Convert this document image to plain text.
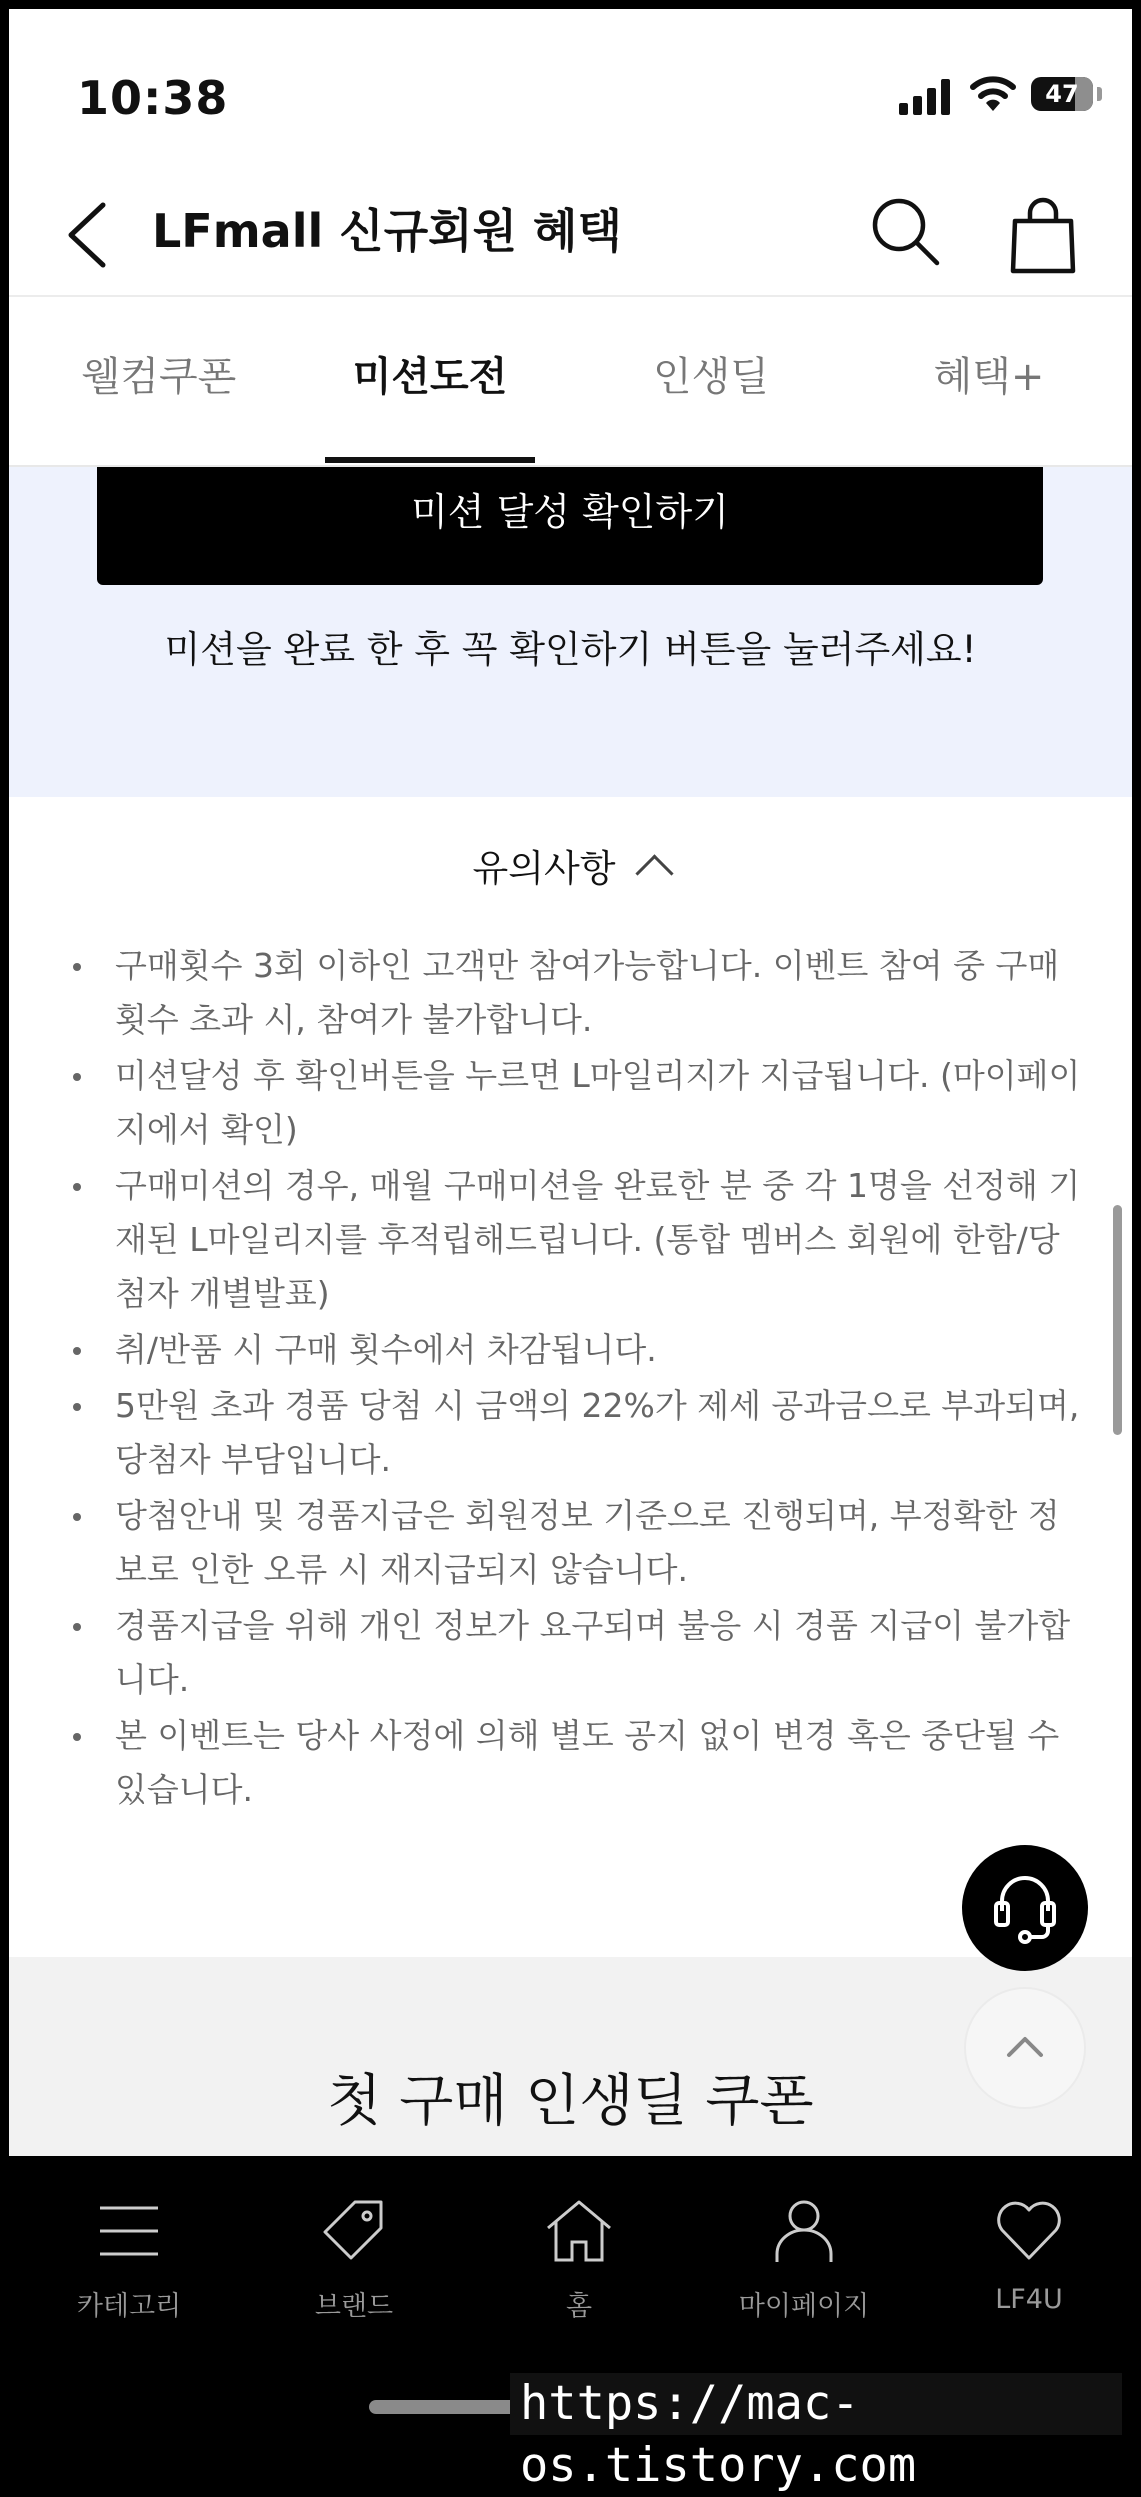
10:38	47
LFmall 신규회원 혜택
웰컴쿠폰	미션도전	인생딜	혜택+
미션 달성 확인하기
미션을 완료 한 후 꼭 확인하기 버튼을 눌러주세요!
유의사항
구매횟수 3회 이하인 고객만 참여가능합니다. 이벤트 참여 중 구매횟수 초과 시, 참여가 불가합니다.
미션달성 후 확인버튼을 누르면 L마일리지가 지급됩니다. (마이페이지에서 확인)
구매미션의 경우, 매월 구매미션을 완료한 분 중 각 1명을 선정해 기재된 L마일리지를 후적립해드립니다. (통합 멤버스 회원에 한함/당첨자 개별발표)
취/반품 시 구매 횟수에서 차감됩니다.
5만원 초과 경품 당첨 시 금액의 22%가 제세 공과금으로 부과되며, 당첨자 부담입니다.
당첨안내 및 경품지급은 회원정보 기준으로 진행되며, 부정확한 정보로 인한 오류 시 재지급되지 않습니다.
경품지급을 위해 개인 정보가 요구되며 불응 시 경품 지급이 불가합니다.
본 이벤트는 당사 사정에 의해 별도 공지 없이 변경 혹은 중단될 수 있습니다.
첫 구매 인생딜 쿠폰
카테고리	브랜드	홈	마이페이지	LF4U
https://mac-os.tistory.com
